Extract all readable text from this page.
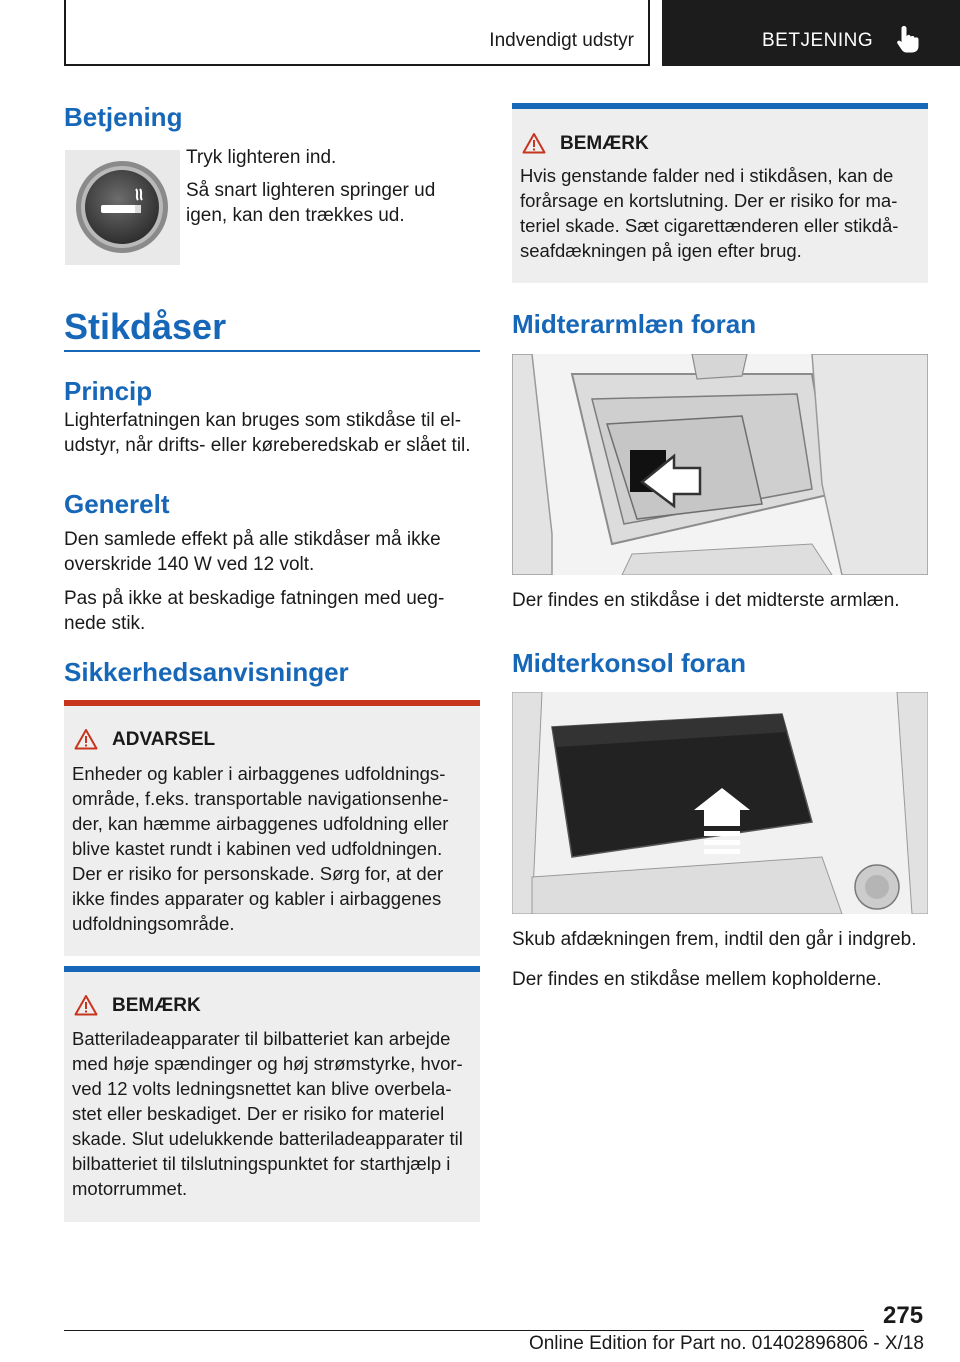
Indvendigt udstyr	BETJENING
Betjening
Tryk lighteren ind.
Så snart lighteren springer ud igen, kan den trækkes ud.
Stikdåser
Princip
Lighterfatningen kan bruges som stikdåse til eludstyr, når drifts- eller køreberedskab er slået til.
Generelt
Den samlede effekt på alle stikdåser må ikke overskride 140 W ved 12 volt.
Pas på ikke at beskadige fatningen med uegnede stik.
Sikkerhedsanvisninger
ADVARSEL
Enheder og kabler i airbaggenes udfoldningsområde, f.eks. transportable navigationsenheder, kan hæmme airbaggenes udfoldning eller blive kastet rundt i kabinen ved udfoldningen. Der er risiko for personskade. Sørg for, at der ikke findes apparater og kabler i airbaggenes udfoldningsområde.
BEMÆRK
Batteriladeapparater til bilbatteriet kan arbejde med høje spændinger og høj strømstyrke, hvorved 12 volts ledningsnettet kan blive overbelastet eller beskadiget. Der er risiko for materiel skade. Slut udelukkende batteriladeapparater til bilbatteriet til tilslutningspunktet for starthjælp i motorrummet.
BEMÆRK
Hvis genstande falder ned i stikdåsen, kan de forårsage en kortslutning. Der er risiko for materiel skade. Sæt cigarettænderen eller stikdåseafdækningen på igen efter brug.
Midterarmlæn foran
Der findes en stikdåse i det midterste armlæn.
Midterkonsol foran
Skub afdækningen frem, indtil den går i indgreb.
Der findes en stikdåse mellem kopholderne.
275
Online Edition for Part no. 01402896806 - X/18
